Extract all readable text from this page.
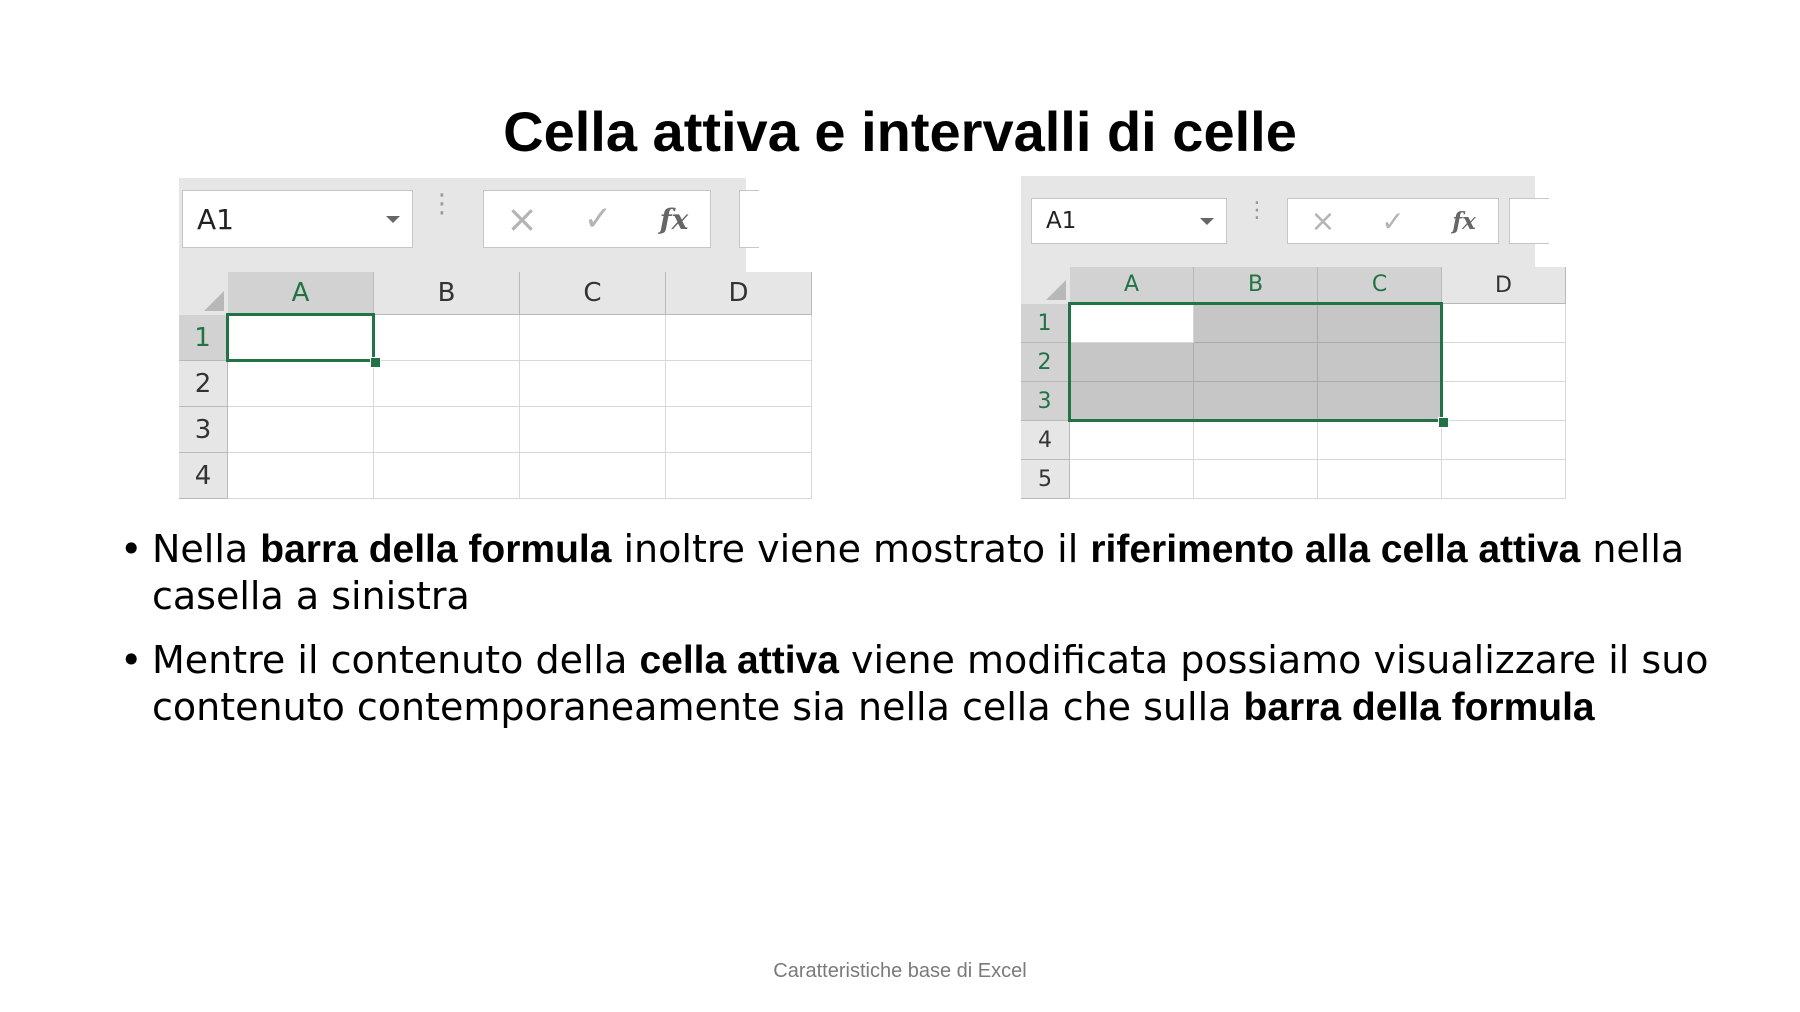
Cella attiva e intervalli di celle
A1	⋮	×	✓	fx
A	B	C	D
1
2
3
4
A1	⋮	×	✓	fx
A	B	C	D
1
2
3
4
5
• Nella barra della formula inoltre viene mostrato il riferimento alla cella attiva nella casella a sinistra
• Mentre il contenuto della cella attiva viene modificata possiamo visualizzare il suo contenuto contemporaneamente sia nella cella che sulla barra della formula
Caratteristiche base di Excel
